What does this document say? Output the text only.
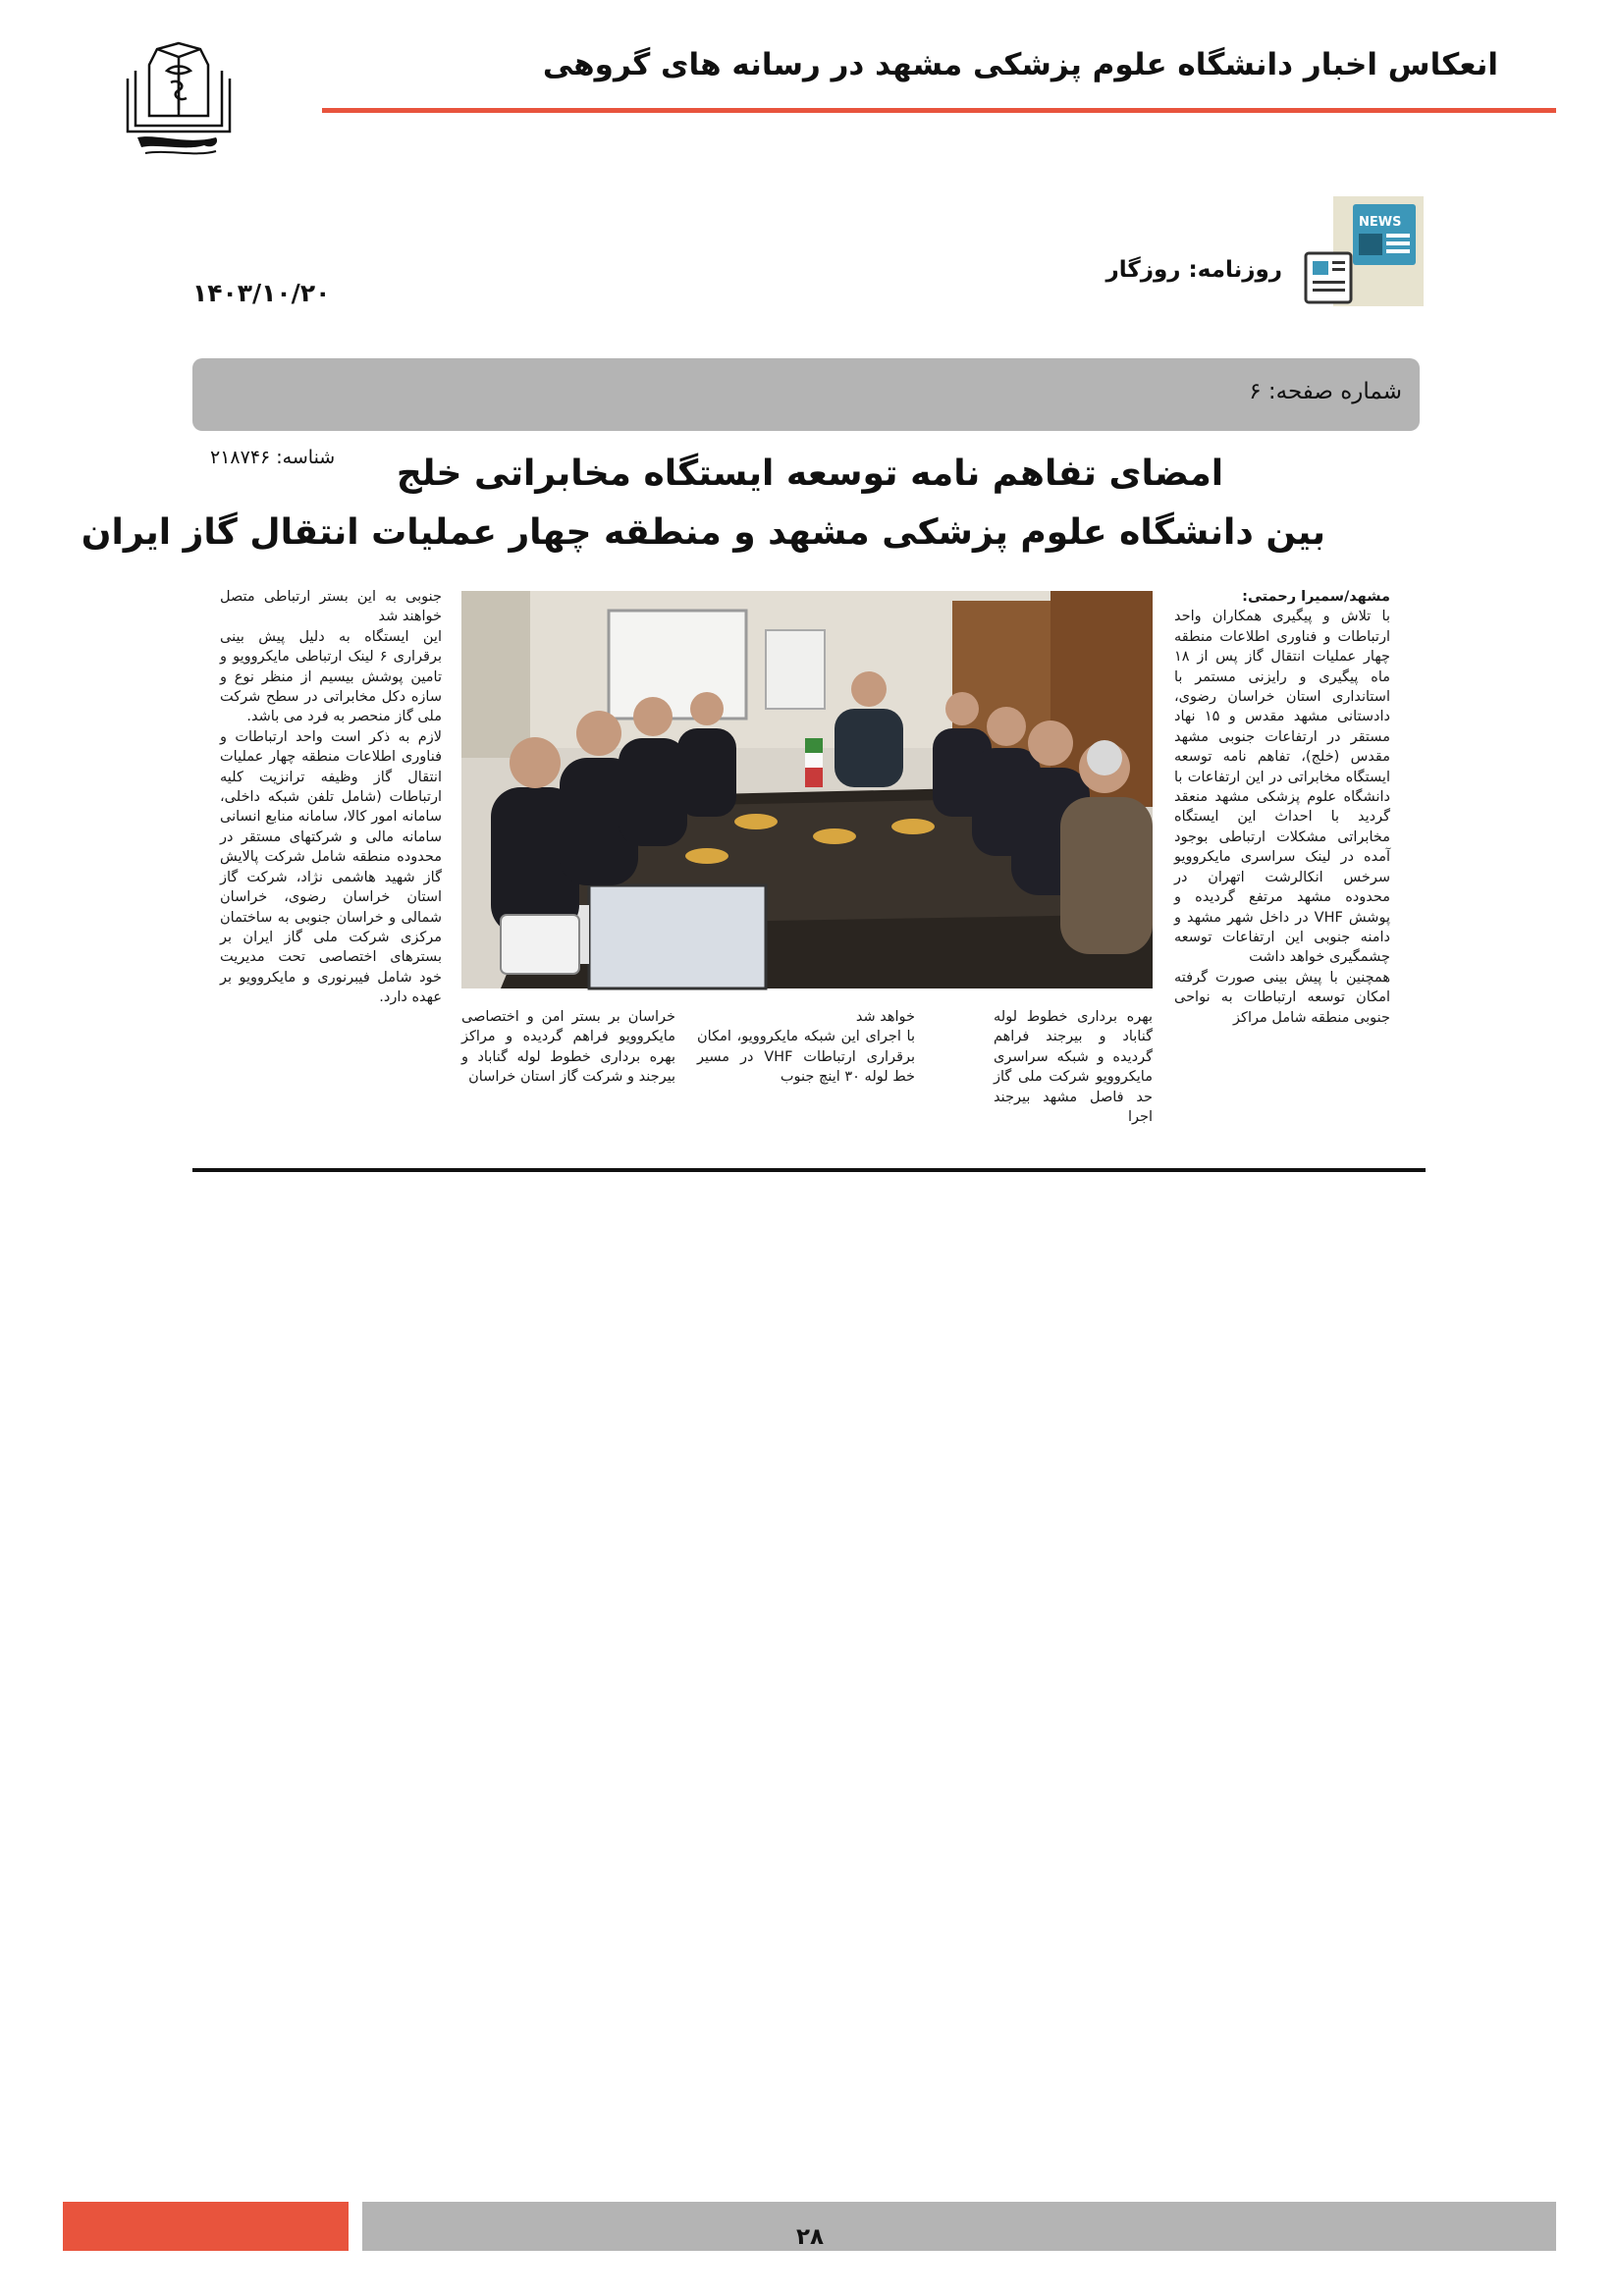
انعکاس اخبار دانشگاه علوم پزشکی مشهد در رسانه های گروهی
NEWS
روزنامه: روزگار
۱۴۰۳/۱۰/۲۰
شماره صفحه: ۶
شناسه: ۲۱۸۷۴۶	امضای تفاهم نامه توسعه ایستگاه مخابراتی خلج
بین دانشگاه علوم پزشکی مشهد و منطقه چهار عملیات انتقال گاز ایران

مشهد/سمیرا رحمتی:

با تلاش و پیگیری همکاران واحد ارتباطات و فناوری اطلاعات منطقه چهار عملیات انتقال گاز پس از ۱۸ ماه پیگیری و رایزنی مستمر با استانداری استان خراسان رضوی، دادستانی مشهد مقدس و ۱۵ نهاد مستقر در ارتفاعات جنوبی مشهد مقدس (خلج)، تفاهم نامه توسعه ایستگاه مخابراتی در این ارتفاعات با دانشگاه علوم پزشکی مشهد منعقد گردید با احداث این ایستگاه مخابراتی مشکلات ارتباطی بوجود آمده در لینک سراسری مایکروویو سرخس انکالرشت اتهران در محدوده مشهد مرتفع گردیده و پوشش VHF در داخل شهر مشهد و دامنه جنوبی این ارتفاعات توسعه چشمگیری خواهد داشت

همچنین با پیش بینی صورت گرفته امکان توسعه ارتباطات به نواحی جنوبی منطقه شامل مراکز

جنوبی به این بستر ارتباطی متصل خواهند شد

این ایستگاه به دلیل پیش بینی برقراری ۶ لینک ارتباطی مایکروویو و تامین پوشش بیسیم از منظر نوع و سازه دکل مخابراتی در سطح شرکت ملی گاز منحصر به فرد می باشد.

لازم به ذکر است واحد ارتباطات و فناوری اطلاعات منطقه چهار عملیات انتقال گاز وظیفه ترانزیت کلیه ارتباطات (شامل تلفن شبکه داخلی، سامانه امور کالا، سامانه منابع انسانی سامانه مالی و شرکتهای مستقر در محدوده منطقه شامل شرکت پالایش گاز شهید هاشمی نژاد، شرکت گاز استان خراسان رضوی، خراسان شمالی و خراسان جنوبی به ساختمان مرکزی شرکت ملی گاز ایران بر بسترهای اختصاصی تحت مدیریت خود شامل فیبرنوری و مایکروویو بر عهده دارد.

بهره برداری خطوط لوله گناباد و بیرجند فراهم گردیده و شبکه سراسری مایکروویو شرکت ملی گاز حد فاصل مشهد بیرجند اجرا

خواهد شد

با اجرای این شبکه مایکروویو، امکان برقراری ارتباطات VHF در مسیر خط لوله ۳۰ اینچ جنوب

خراسان بر بستر امن و اختصاصی مایکروویو فراهم گردیده و مراکز بهره برداری خطوط لوله گناباد و بیرجند و شرکت گاز استان خراسان

۲۸
